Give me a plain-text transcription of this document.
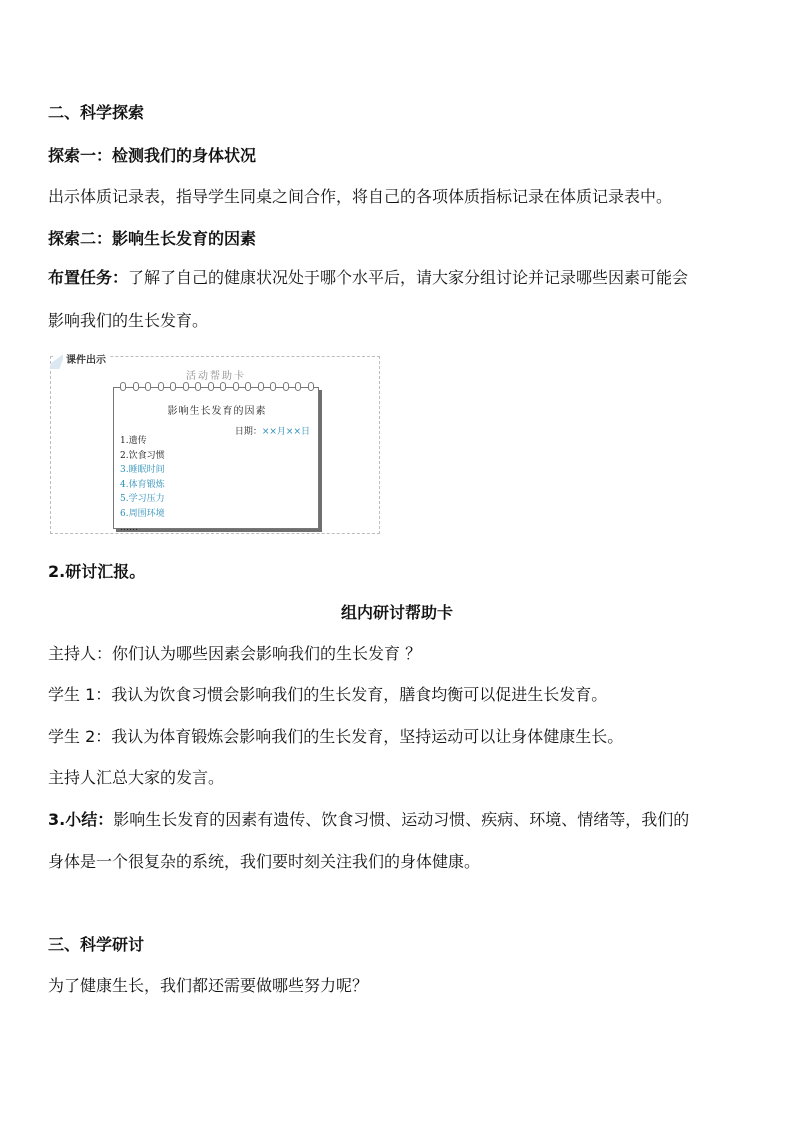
二、科学探索
探索一：检测我们的身体状况
出示体质记录表，指导学生同桌之间合作，将自己的各项体质指标记录在体质记录表中。
探索二：影响生长发育的因素
布置任务：了解了自己的健康状况处于哪个水平后，请大家分组讨论并记录哪些因素可能会
影响我们的生长发育。
课件出示
活动帮助卡
影响生长发育的因素
日期：××月××日
1.遗传
2.饮食习惯
3.睡眠时间
4.体育锻炼
5.学习压力
6.周围环境
……
2.研讨汇报。
组内研讨帮助卡
主持人：你们认为哪些因素会影响我们的生长发育 ？
学生 1：我认为饮食习惯会影响我们的生长发育，膳食均衡可以促进生长发育。
学生 2：我认为体育锻炼会影响我们的生长发育，坚持运动可以让身体健康生长。
主持人汇总大家的发言。
3.小结：影响生长发育的因素有遗传、饮食习惯、运动习惯、疾病、环境、情绪等，我们的
身体是一个很复杂的系统，我们要时刻关注我们的身体健康。
三、科学研讨
为了健康生长，我们都还需要做哪些努力呢？
